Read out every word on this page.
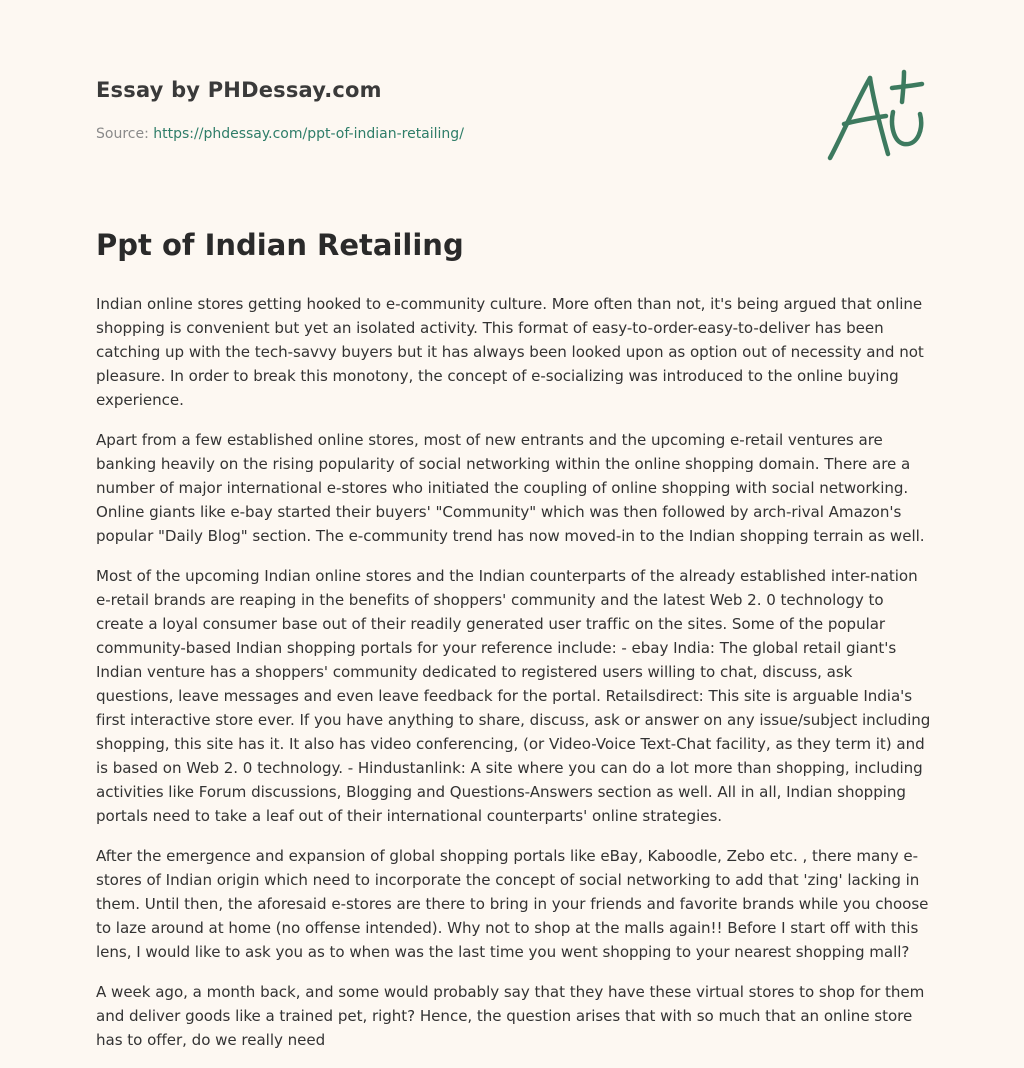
Essay by PHDessay.com
Source: https://phdessay.com/ppt-of-indian-retailing/
Ppt of Indian Retailing

Indian online stores getting hooked to e-community culture. More often than not, it's being argued that online shopping is convenient but yet an isolated activity. This format of easy-to-order-easy-to-deliver has been catching up with the tech-savvy buyers but it has always been looked upon as option out of necessity and not pleasure. In order to break this monotony, the concept of e-socializing was introduced to the online buying experience.

Apart from a few established online stores, most of new entrants and the upcoming e-retail ventures are banking heavily on the rising popularity of social networking within the online shopping domain. There are a number of major international e-stores who initiated the coupling of online shopping with social networking. Online giants like e-bay started their buyers' "Community" which was then followed by arch-rival Amazon's popular "Daily Blog" section. The e-community trend has now moved-in to the Indian shopping terrain as well.

Most of the upcoming Indian online stores and the Indian counterparts of the already established inter-nation e-retail brands are reaping in the benefits of shoppers' community and the latest Web 2. 0 technology to create a loyal consumer base out of their readily generated user traffic on the sites. Some of the popular community-based Indian shopping portals for your reference include: - ebay India: The global retail giant's Indian venture has a shoppers' community dedicated to registered users willing to chat, discuss, ask questions, leave messages and even leave feedback for the portal. Retailsdirect: This site is arguable India's first interactive store ever. If you have anything to share, discuss, ask or answer on any issue/subject including shopping, this site has it. It also has video conferencing, (or Video-Voice Text-Chat facility, as they term it) and is based on Web 2. 0 technology. - Hindustanlink: A site where you can do a lot more than shopping, including activities like Forum discussions, Blogging and Questions-Answers section as well. All in all, Indian shopping portals need to take a leaf out of their international counterparts' online strategies.

After the emergence and expansion of global shopping portals like eBay, Kaboodle, Zebo etc. , there many e-stores of Indian origin which need to incorporate the concept of social networking to add that 'zing' lacking in them. Until then, the aforesaid e-stores are there to bring in your friends and favorite brands while you choose to laze around at home (no offense intended). Why not to shop at the malls again!! Before I start off with this lens, I would like to ask you as to when was the last time you went shopping to your nearest shopping mall?

A week ago, a month back, and some would probably say that they have these virtual stores to shop for them and deliver goods like a trained pet, right? Hence, the question arises that with so much that an online store has to offer, do we really need
